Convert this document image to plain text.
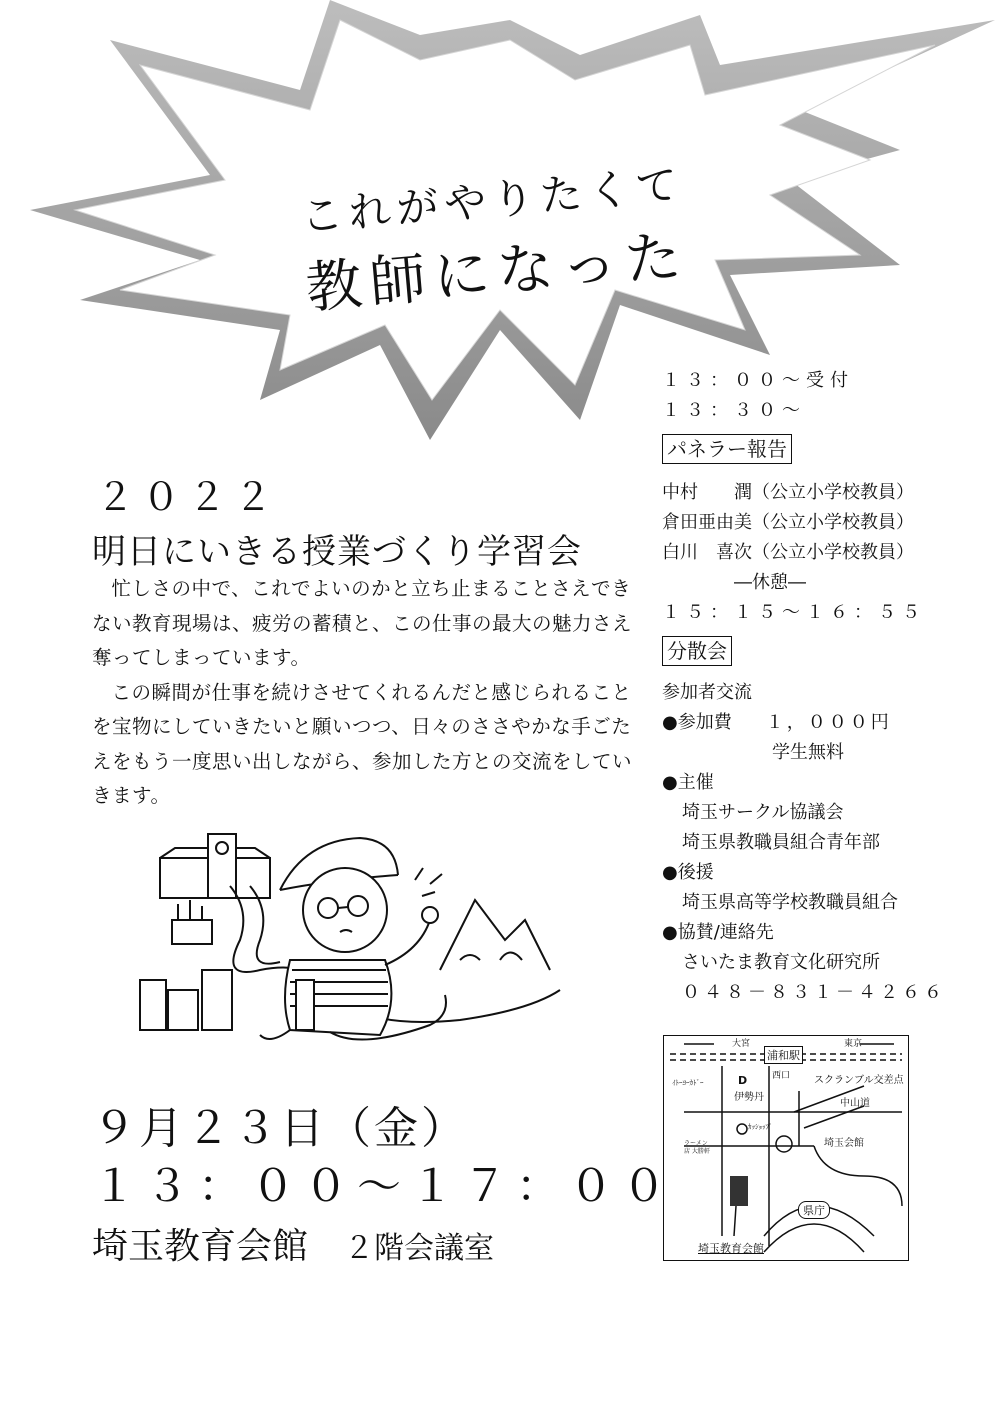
これがやりたくて
教師になった
２０２２
明日にいきる授業づくり学習会

忙しさの中で、これでよいのかと立ち止まることさえできない教育現場は、疲労の蓄積と、この仕事の最大の魅力さえ奪ってしまっています。

この瞬間が仕事を続けさせてくれるんだと感じられることを宝物にしていきたいと願いつつ、日々のささやかな手ごたえをもう一度思い出しながら、参加した方との交流をしていきます。

９月２３日（金）
１３：００～１７：００
埼玉教育会館 ２階会議室
１３：００～受付
１３：３０～
パネラー報告
中村　　潤（公立小学校教員）
倉田亜由美（公立小学校教員）
白川　喜次（公立小学校教員）
―休憩―
１５：１５～１６：５５
分散会
参加者交流
●参加費 １，０００円
学生無料
●主催
埼玉サークル協議会
埼玉県教職員組合青年部
●後援
埼玉県高等学校教職員組合
●協賛/連絡先
さいたま教育文化研究所
０４８－８３１－４２６６
大宮	東京
浦和駅
西口
D
伊勢丹
ｲﾄｰﾖｰｶﾄﾞｰ	スクランブル交差点
中山道
ｶｯｼｮｯﾌﾟ
ラーメン店 大勝軒
埼玉会館
県庁
埼玉教育会館
